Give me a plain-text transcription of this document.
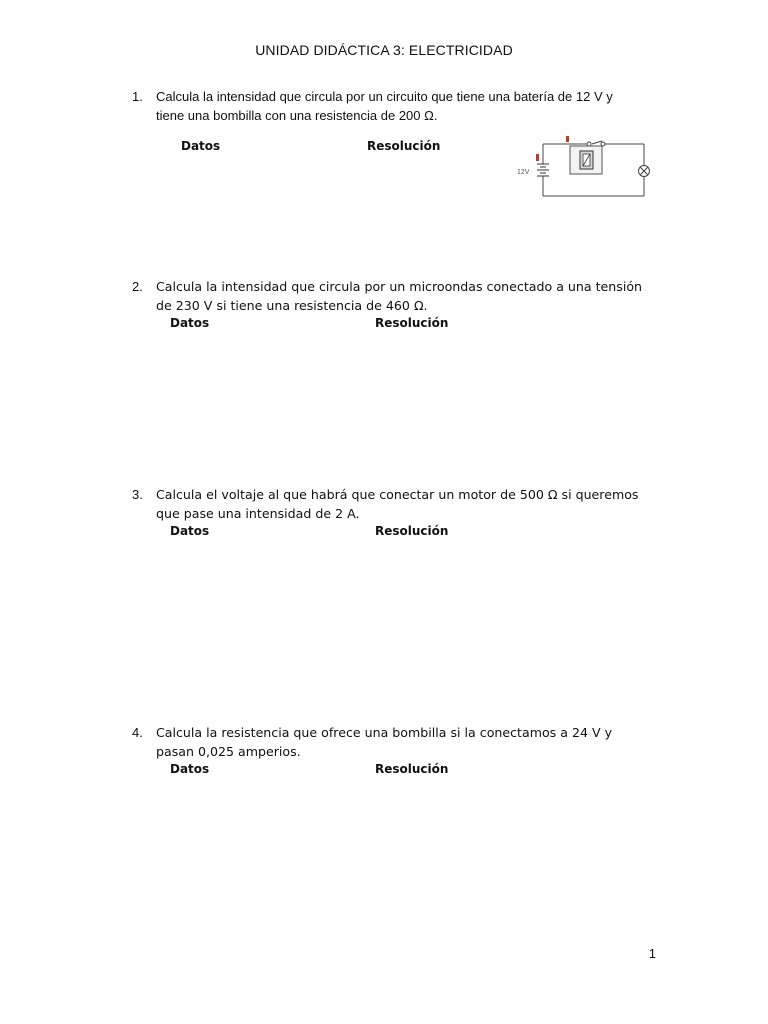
UNIDAD DIDÁCTICA 3: ELECTRICIDAD
1. Calcula la intensidad que circula por un circuito que tiene una batería de 12 V y
tiene una bombilla con una resistencia de 200 Ω.
Datos	Resolución
12V
2. Calcula la intensidad que circula por un microondas conectado a una tensión
de 230 V si tiene una resistencia de 460 Ω.
Datos	Resolución
3. Calcula el voltaje al que habrá que conectar un motor de 500 Ω si queremos
que pase una intensidad de 2 A.
Datos	Resolución
4. Calcula la resistencia que ofrece una bombilla si la conectamos a 24 V y
pasan 0,025 amperios.
Datos	Resolución
1
